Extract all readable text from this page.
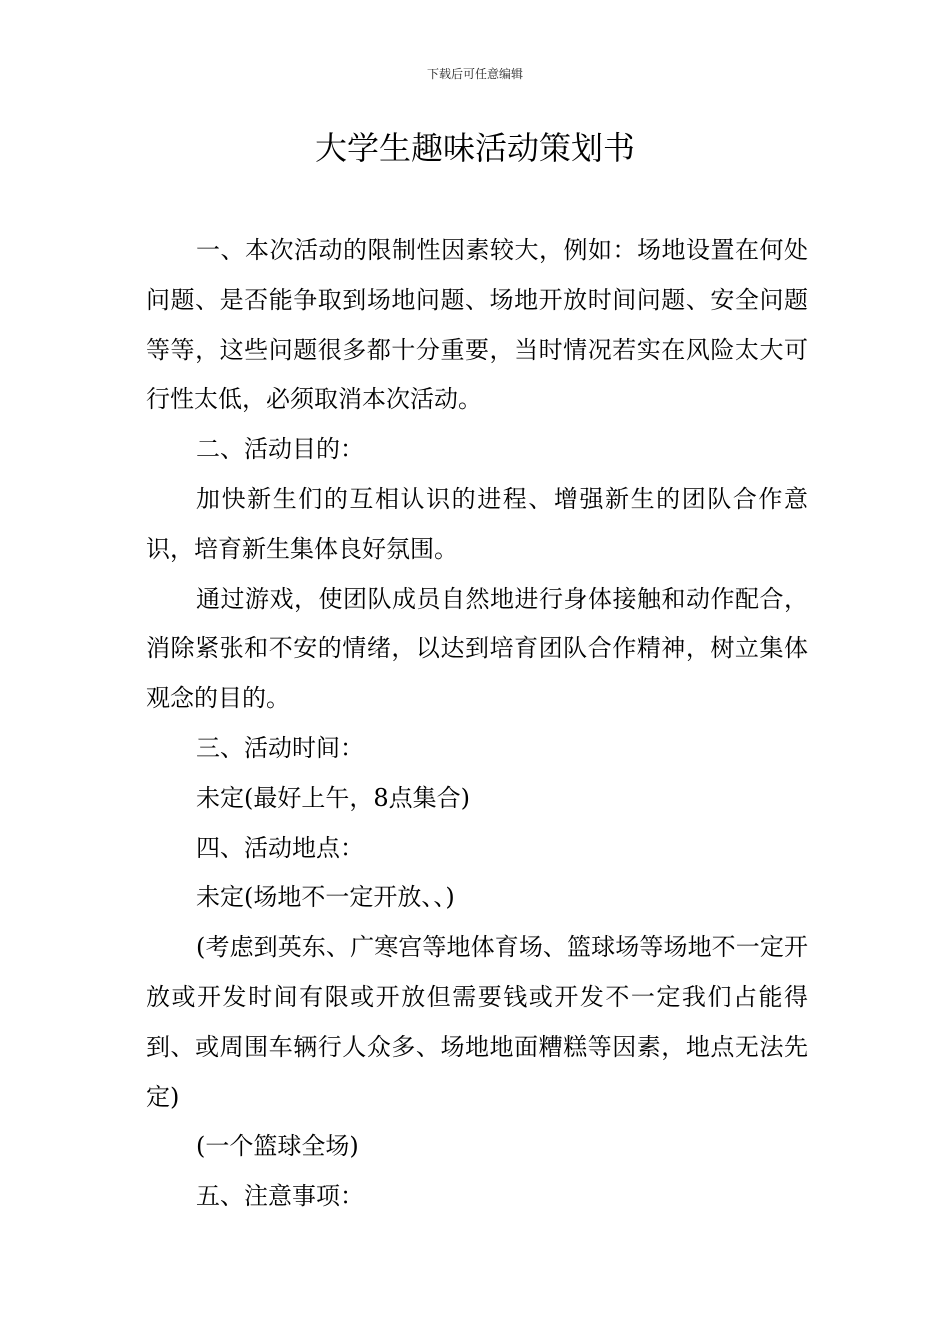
下载后可任意编辑
大学生趣味活动策划书

一、本次活动的限制性因素较大，例如：场地设置在何处问题、是否能争取到场地问题、场地开放时间问题、安全问题等等，这些问题很多都十分重要，当时情况若实在风险太大可行性太低，必须取消本次活动。

二、活动目的：

加快新生们的互相认识的进程、增强新生的团队合作意识，培育新生集体良好氛围。

通过游戏，使团队成员自然地进行身体接触和动作配合，消除紧张和不安的情绪，以达到培育团队合作精神，树立集体观念的目的。

三、活动时间：

未定(最好上午，8点集合)

四、活动地点：

未定(场地不一定开放、、)

(考虑到英东、广寒宫等地体育场、篮球场等场地不一定开放或开发时间有限或开放但需要钱或开发不一定我们占能得到、或周围车辆行人众多、场地地面糟糕等因素，地点无法先定)

(一个篮球全场)

五、注意事项：
